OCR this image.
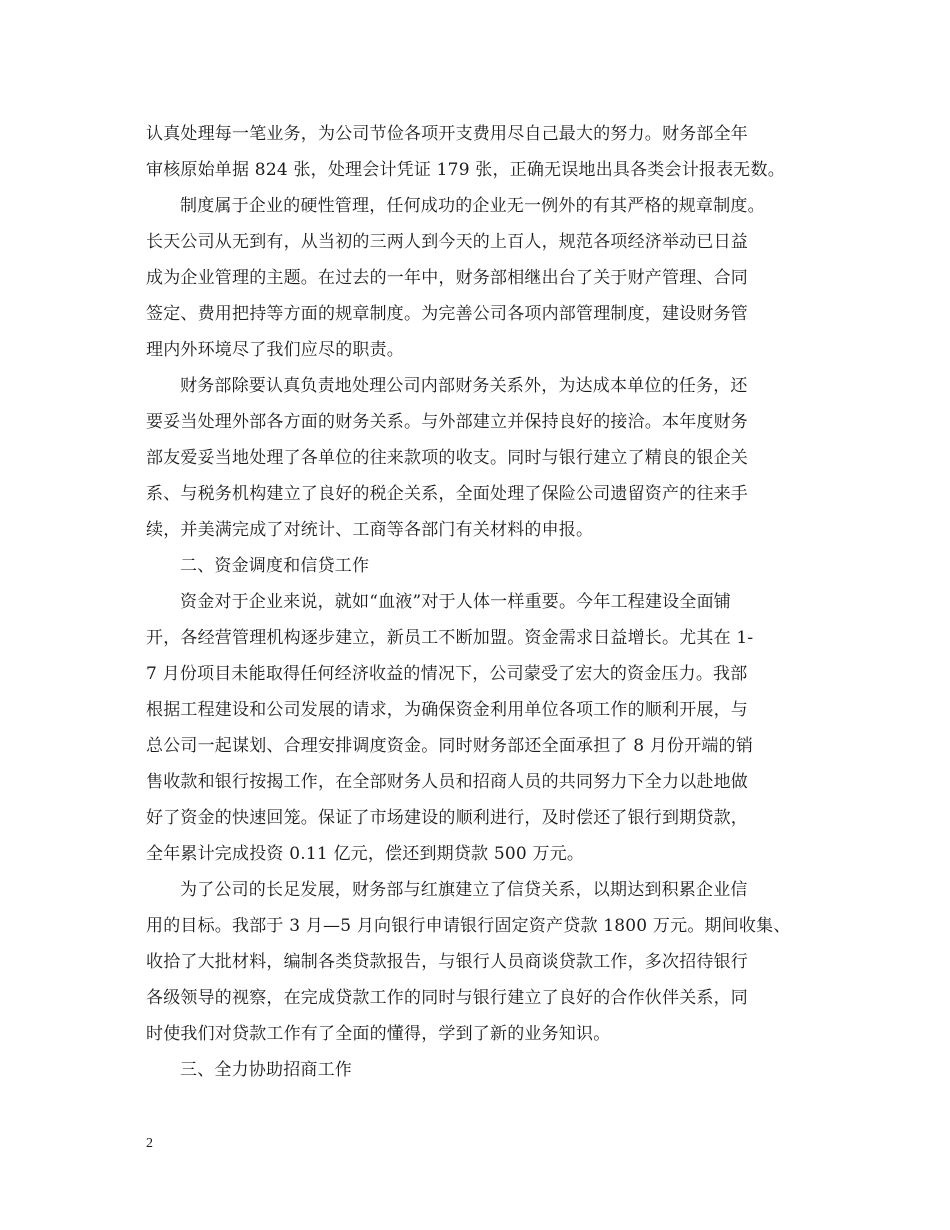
认真处理每一笔业务，为公司节俭各项开支费用尽自己最大的努力。财务部全年
审核原始单据 824 张，处理会计凭证 179 张，正确无误地出具各类会计报表无数。
制度属于企业的硬性管理，任何成功的企业无一例外的有其严格的规章制度。
长天公司从无到有，从当初的三两人到今天的上百人，规范各项经济举动已日益
成为企业管理的主题。在过去的一年中，财务部相继出台了关于财产管理、合同
签定、费用把持等方面的规章制度。为完善公司各项内部管理制度，建设财务管
理内外环境尽了我们应尽的职责。
财务部除要认真负责地处理公司内部财务关系外，为达成本单位的任务，还
要妥当处理外部各方面的财务关系。与外部建立并保持良好的接洽。本年度财务
部友爱妥当地处理了各单位的往来款项的收支。同时与银行建立了精良的银企关
系、与税务机构建立了良好的税企关系，全面处理了保险公司遗留资产的往来手
续，并美满完成了对统计、工商等各部门有关材料的申报。
二、资金调度和信贷工作
资金对于企业来说，就如“血液”对于人体一样重要。今年工程建设全面铺
开，各经营管理机构逐步建立，新员工不断加盟。资金需求日益增长。尤其在 1-
7 月份项目未能取得任何经济收益的情况下，公司蒙受了宏大的资金压力。我部
根据工程建设和公司发展的请求，为确保资金利用单位各项工作的顺利开展，与
总公司一起谋划、合理安排调度资金。同时财务部还全面承担了 8 月份开端的销
售收款和银行按揭工作，在全部财务人员和招商人员的共同努力下全力以赴地做
好了资金的快速回笼。保证了市场建设的顺利进行，及时偿还了银行到期贷款，
全年累计完成投资 0.11 亿元，偿还到期贷款 500 万元。
为了公司的长足发展，财务部与红旗建立了信贷关系，以期达到积累企业信
用的目标。我部于 3 月—5 月向银行申请银行固定资产贷款 1800 万元。期间收集、
收拾了大批材料，编制各类贷款报告，与银行人员商谈贷款工作，多次招待银行
各级领导的视察，在完成贷款工作的同时与银行建立了良好的合作伙伴关系，同
时使我们对贷款工作有了全面的懂得，学到了新的业务知识。
三、全力协助招商工作
2
